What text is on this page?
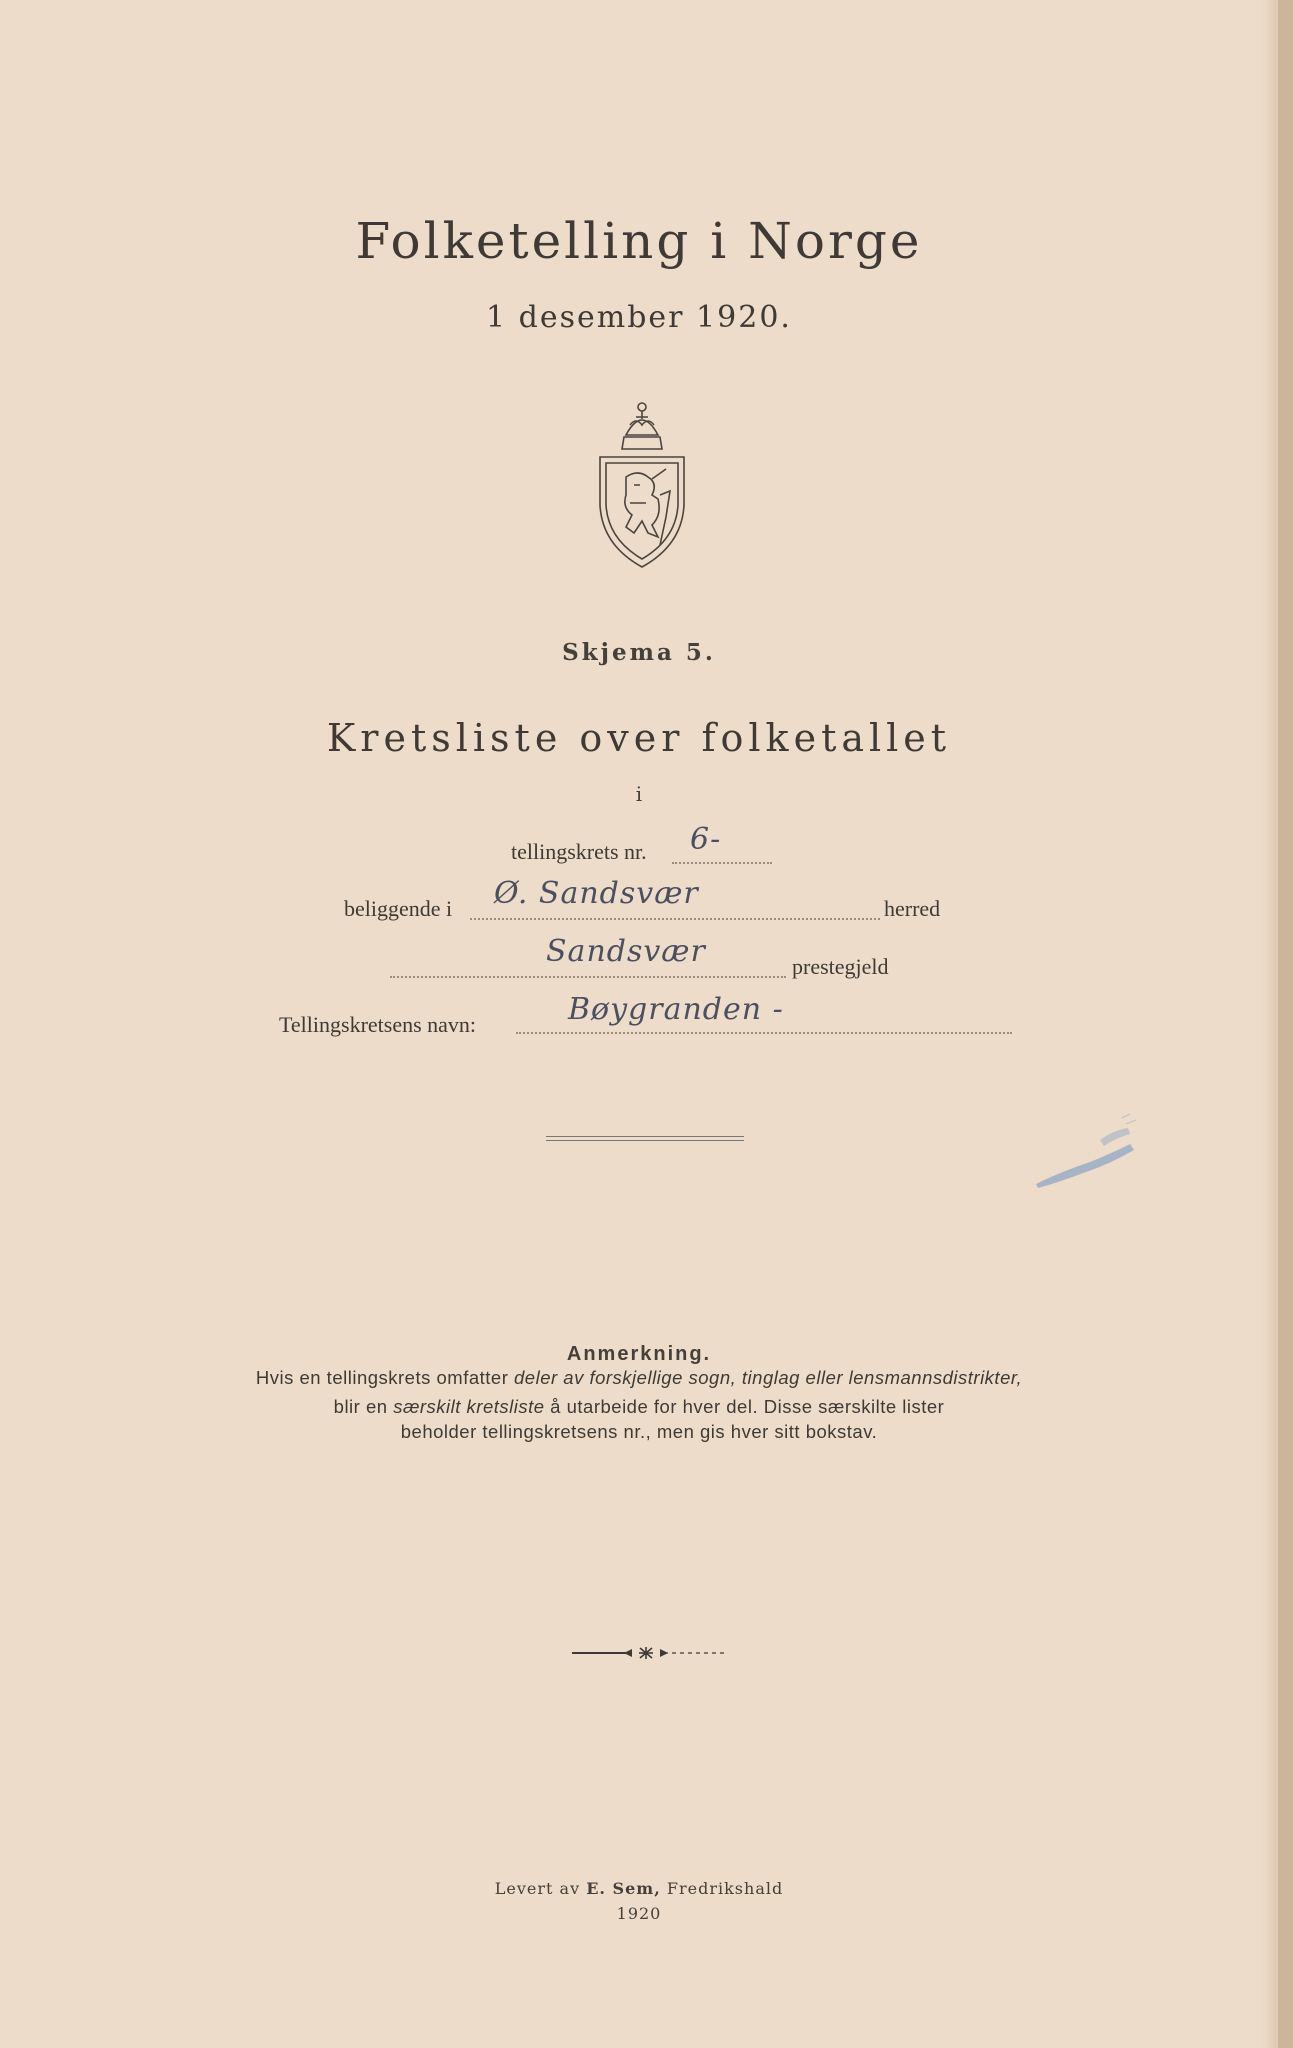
Folketelling i Norge
1 desember 1920.
Skjema 5.
Kretsliste over folketallet
i
tellingskrets nr. 6-
beliggende i Ø. Sandsvær	herred
Sandsvær	prestegjeld
Tellingskretsens navn:	Bøygranden -
Anmerkning.
Hvis en tellingskrets omfatter deler av forskjellige sogn, tinglag eller lensmannsdistrikter,
blir en særskilt kretsliste å utarbeide for hver del. Disse særskilte lister
beholder tellingskretsens nr., men gis hver sitt bokstav.
Levert av E. Sem, Fredrikshald
1920
